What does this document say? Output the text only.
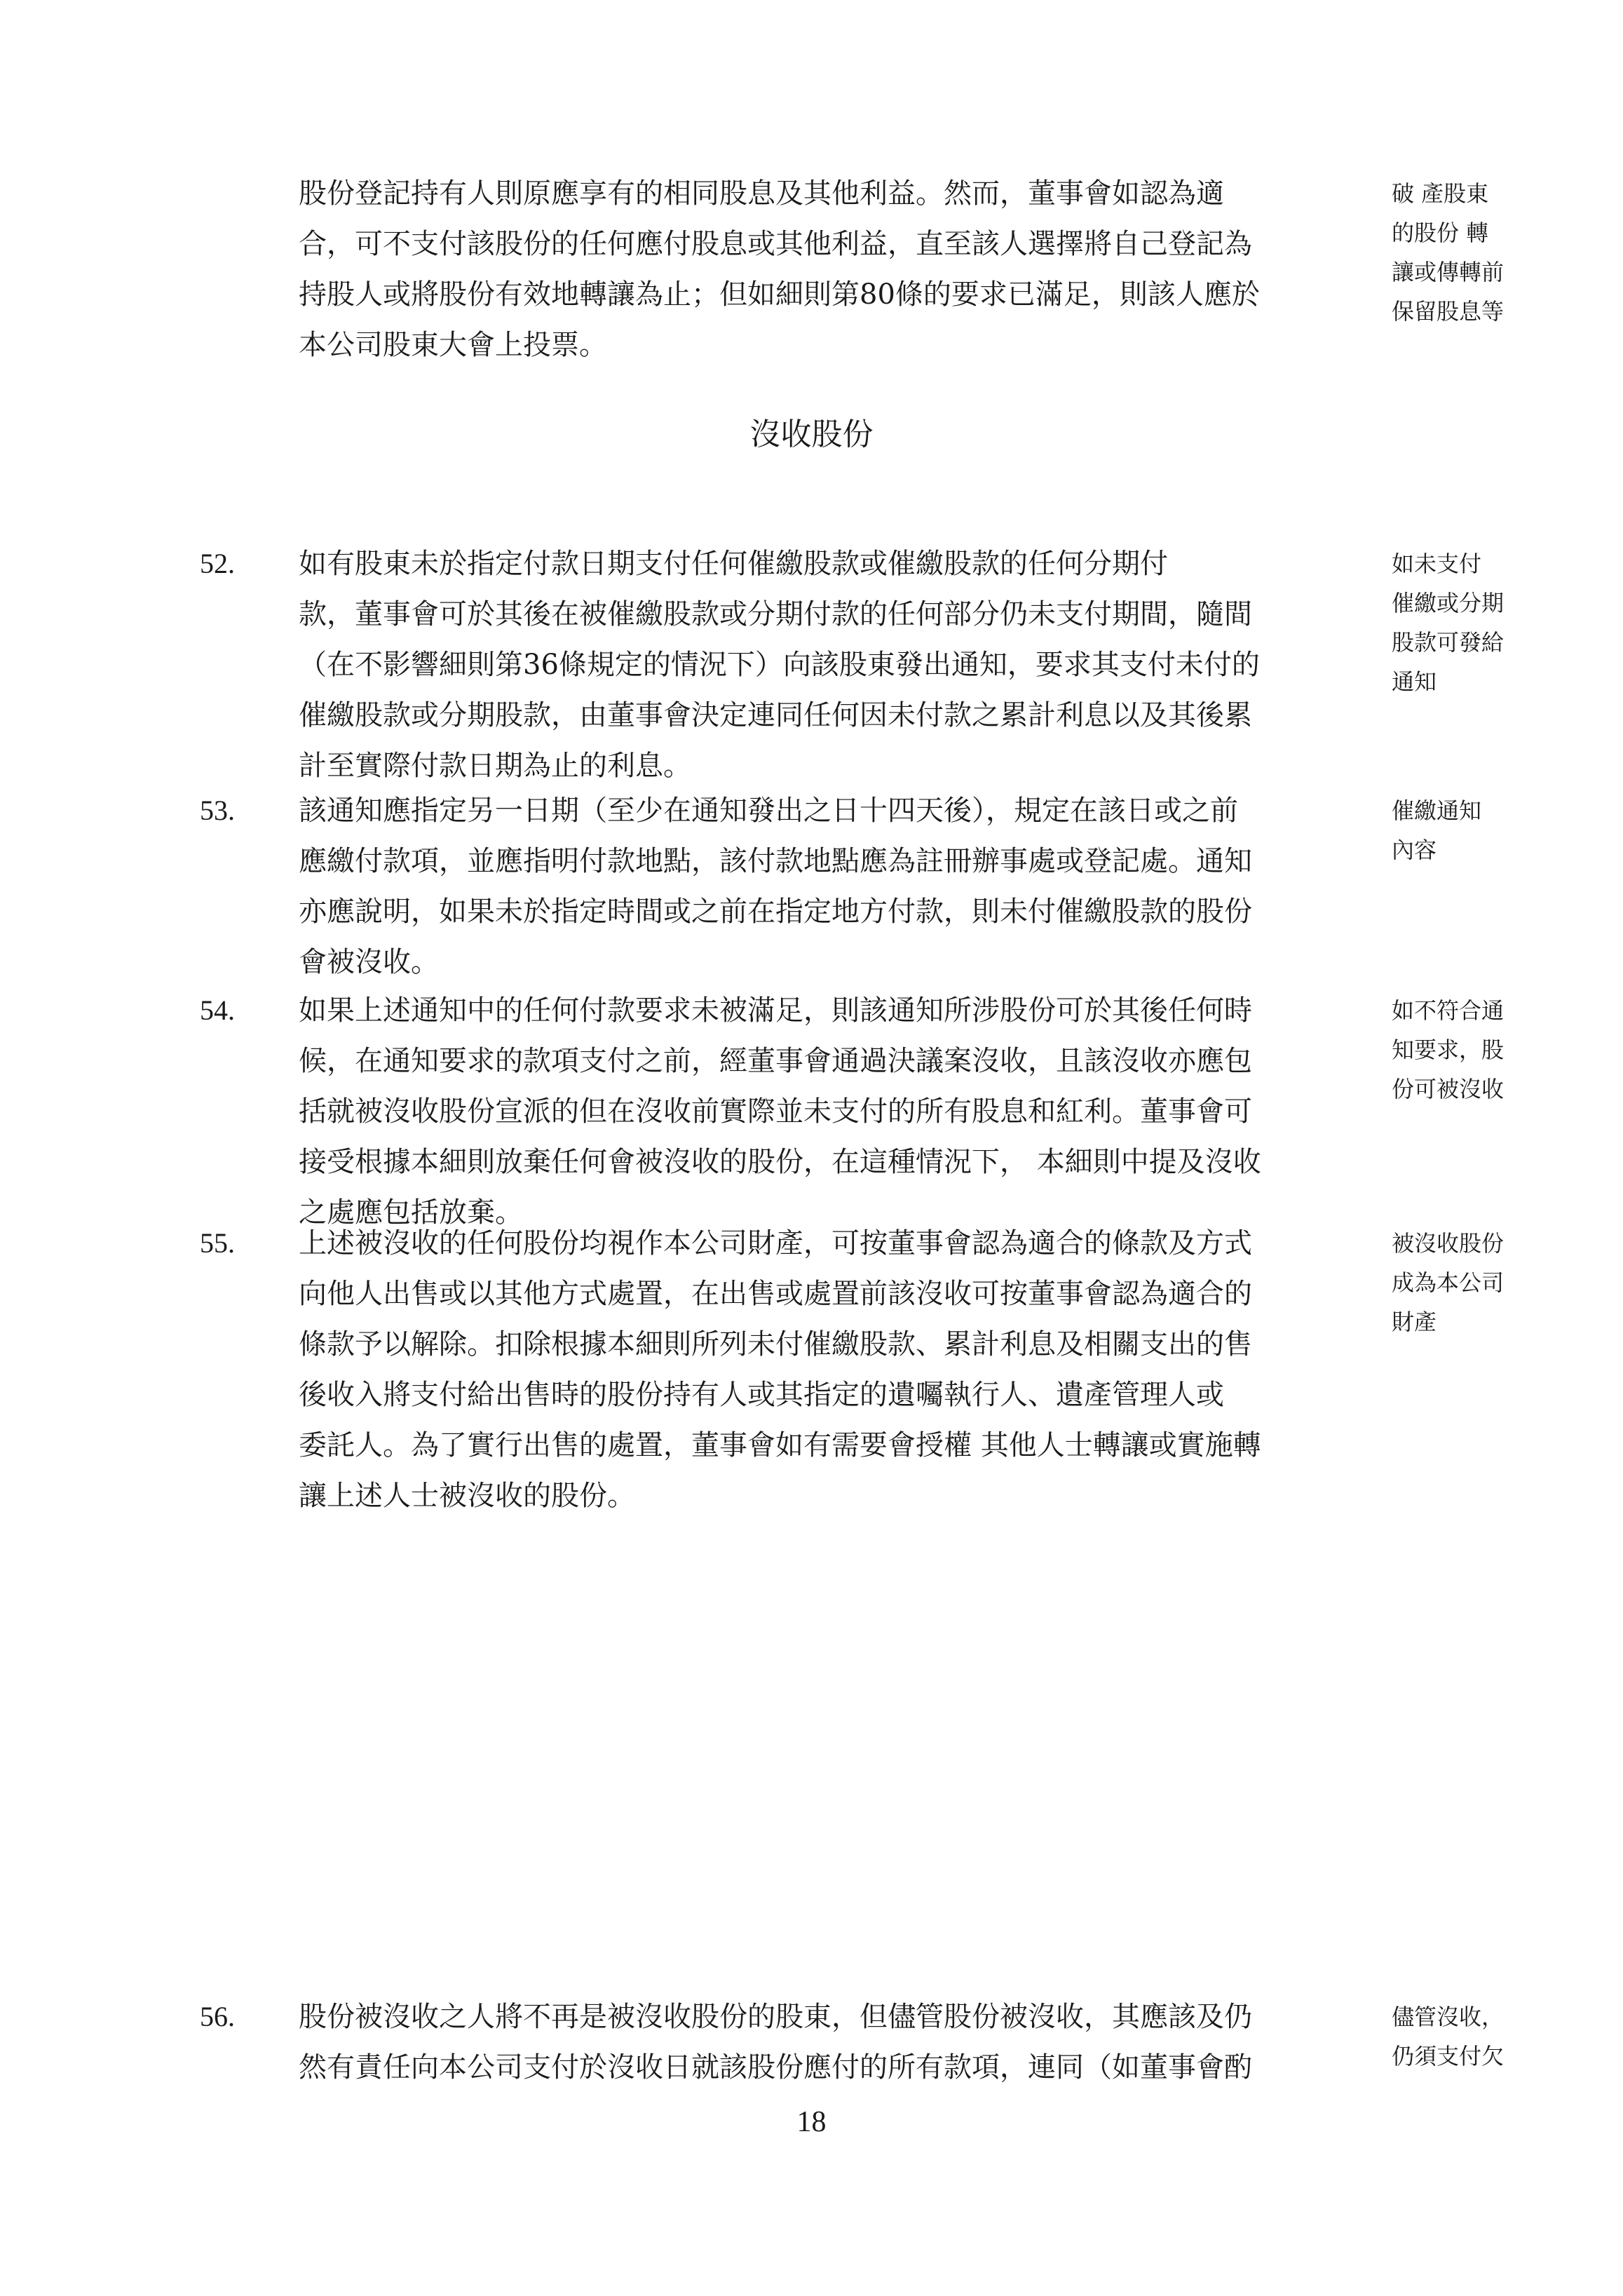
股份登記持有人則原應享有的相同股息及其他利益。然而，董事會如認為適
合，可不支付該股份的任何應付股息或其他利益，直至該人選擇將自己登記為
持股人或將股份有效地轉讓為止；但如細則第80條的要求已滿足，則該人應於
本公司股東大會上投票。
破 產股東
的股份 轉
讓或傳轉前
保留股息等
沒收股份
52. 如有股東未於指定付款日期支付任何催繳股款或催繳股款的任何分期付
款，董事會可於其後在被催繳股款或分期付款的任何部分仍未支付期間，隨間
（在不影響細則第36條規定的情況下）向該股東發出通知，要求其支付未付的
催繳股款或分期股款，由董事會決定連同任何因未付款之累計利息以及其後累
計至實際付款日期為止的利息。
如未支付
催繳或分期
股款可發給
通知
53. 該通知應指定另一日期（至少在通知發出之日十四天後），規定在該日或之前
應繳付款項，並應指明付款地點，該付款地點應為註冊辦事處或登記處。通知
亦應說明，如果未於指定時間或之前在指定地方付款，則未付催繳股款的股份
會被沒收。
催繳通知
內容
54. 如果上述通知中的任何付款要求未被滿足，則該通知所涉股份可於其後任何時
候，在通知要求的款項支付之前，經董事會通過決議案沒收，且該沒收亦應包
括就被沒收股份宣派的但在沒收前實際並未支付的所有股息和紅利。董事會可
接受根據本細則放棄任何會被沒收的股份，在這種情況下， 本細則中提及沒收
之處應包括放棄。
如不符合通
知要求，股
份可被沒收
55. 上述被沒收的任何股份均視作本公司財產，可按董事會認為適合的條款及方式
向他人出售或以其他方式處置，在出售或處置前該沒收可按董事會認為適合的
條款予以解除。扣除根據本細則所列未付催繳股款、累計利息及相關支出的售
後收入將支付給出售時的股份持有人或其指定的遺囑執行人、遺產管理人或
委託人。為了實行出售的處置，董事會如有需要會授權 其他人士轉讓或實施轉
讓上述人士被沒收的股份。
被沒收股份
成為本公司
財產
56. 股份被沒收之人將不再是被沒收股份的股東，但儘管股份被沒收，其應該及仍
然有責任向本公司支付於沒收日就該股份應付的所有款項，連同（如董事會酌
儘管沒收，
仍須支付欠
18
